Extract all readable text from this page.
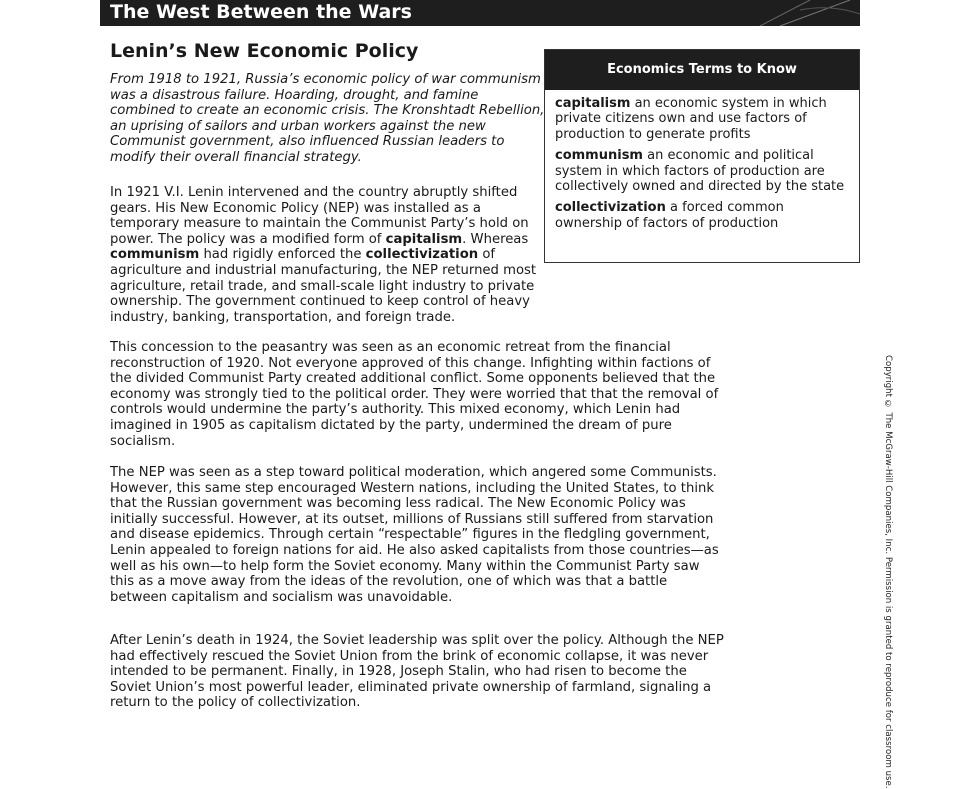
The West Between the Wars
Lenin’s New Economic Policy

From 1918 to 1921, Russia’s economic policy of war communism was a disastrous failure. Hoarding, drought, and famine combined to create an economic crisis. The Kronshtadt Rebellion, an uprising of sailors and urban workers against the new Communist government, also influenced Russian leaders to modify their overall financial strategy.

In 1921 V.I. Lenin intervened and the country abruptly shifted gears. His New Economic Policy (NEP) was installed as a temporary measure to maintain the Communist Party’s hold on power. The policy was a modified form of capitalism. Whereas communism had rigidly enforced the collectivization of agriculture and industrial manufacturing, the NEP returned most agriculture, retail trade, and small-scale light industry to private ownership. The government continued to keep control of heavy industry, banking, transportation, and foreign trade.

This concession to the peasantry was seen as an economic retreat from the financial reconstruction of 1920. Not everyone approved of this change. Infighting within factions of the divided Communist Party created additional conflict. Some opponents believed that the economy was strongly tied to the political order. They were worried that that the removal of controls would undermine the party’s authority. This mixed economy, which Lenin had imagined in 1905 as capitalism dictated by the party, undermined the dream of pure socialism.

The NEP was seen as a step toward political moderation, which angered some Communists. However, this same step encouraged Western nations, including the United States, to think that the Russian government was becoming less radical. The New Economic Policy was initially successful. However, at its outset, millions of Russians still suffered from starvation and disease epidemics. Through certain “respectable” figures in the fledgling government, Lenin appealed to foreign nations for aid. He also asked capitalists from those countries—as well as his own—to help form the Soviet economy. Many within the Communist Party saw this as a move away from the ideas of the revolution, one of which was that a battle between capitalism and socialism was unavoidable.

After Lenin’s death in 1924, the Soviet leadership was split over the policy. Although the NEP had effectively rescued the Soviet Union from the brink of economic collapse, it was never intended to be permanent. Finally, in 1928, Joseph Stalin, who had risen to become the Soviet Union’s most powerful leader, eliminated private ownership of farmland, signaling a return to the policy of collectivization.

Economics Terms to Know
capitalism an economic system in which private citizens own and use factors of production to generate profits
communism an economic and political system in which factors of production are collectively owned and directed by the state
collectivization a forced common ownership of factors of production
Copyright © The McGraw-Hill Companies, Inc. Permission is granted to reproduce for classroom use.
